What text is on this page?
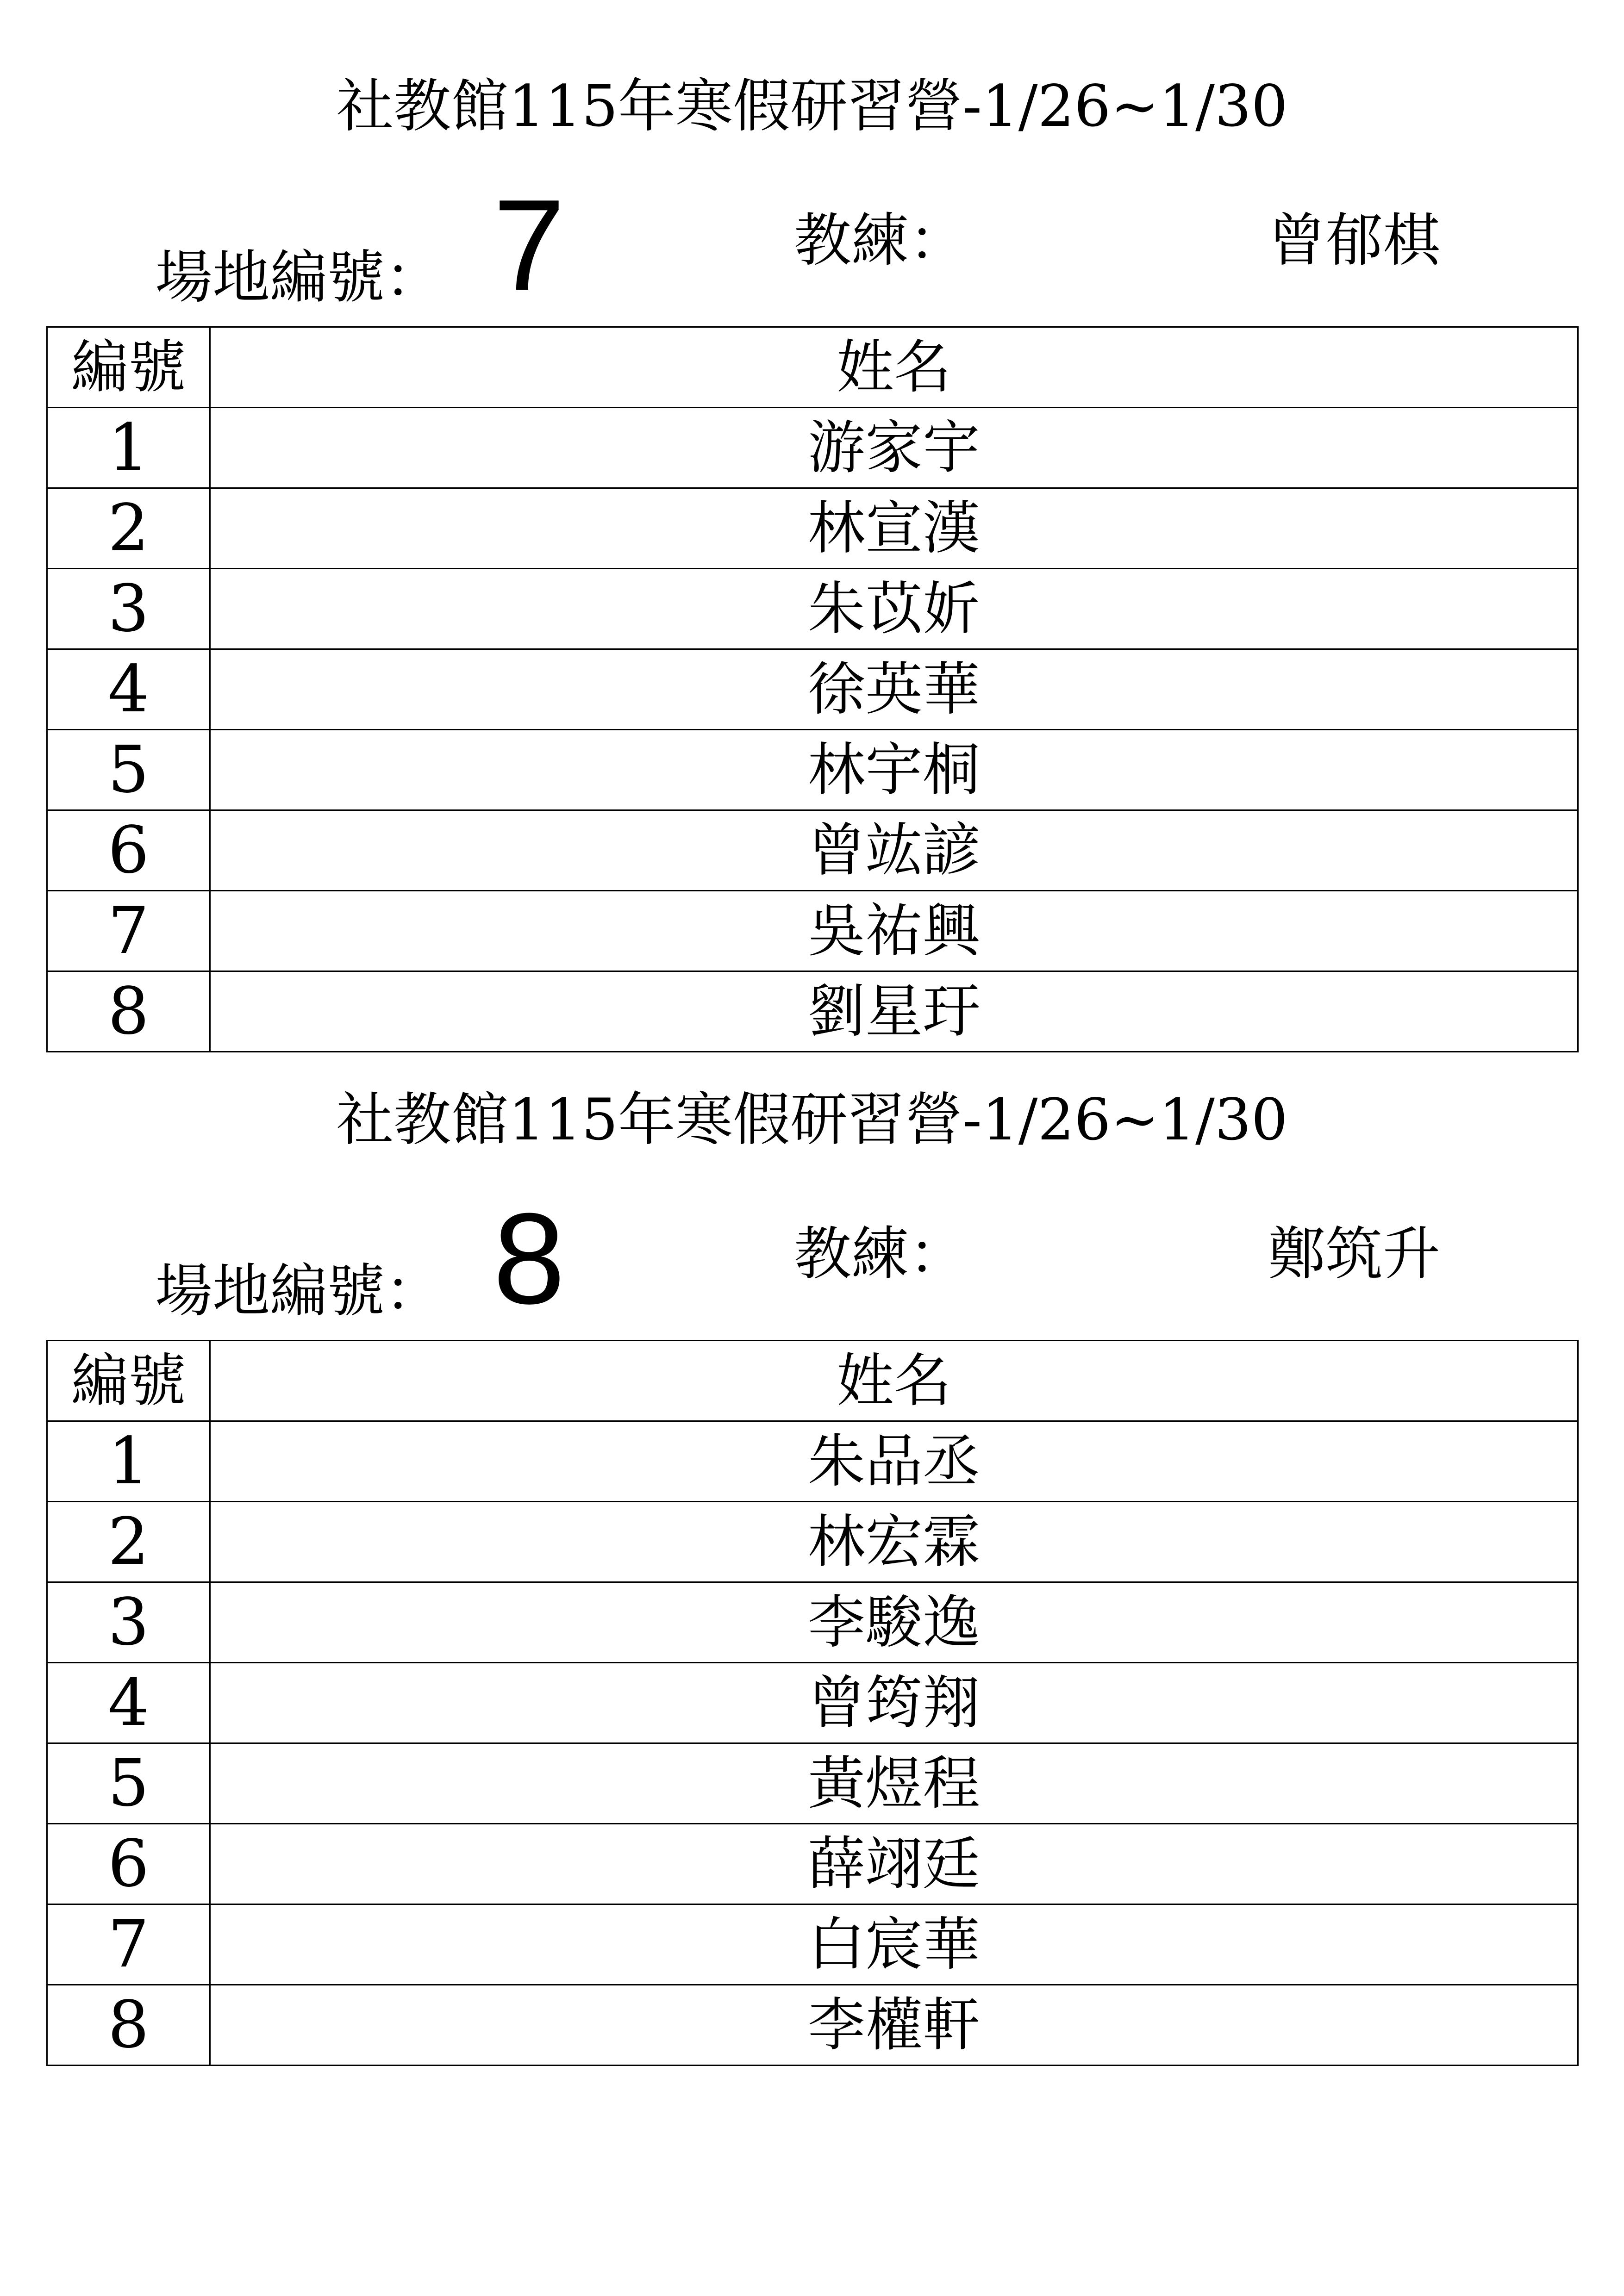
社教館115年寒假研習營-1/26~1/30
場地編號： 7	教練：	曾郁棋
編號	姓名
1	游家宇
2	林宣漢
3	朱苡妡
4	徐英華
5	林宇桐
6	曾竑諺
7	吳祐興
8	劉星玗
社教館115年寒假研習營-1/26~1/30
場地編號： 8	教練：	鄭筑升
編號	姓名
1	朱品丞
2	林宏霖
3	李駿逸
4	曾筠翔
5	黃煜程
6	薛翊廷
7	白宸華
8	李權軒
